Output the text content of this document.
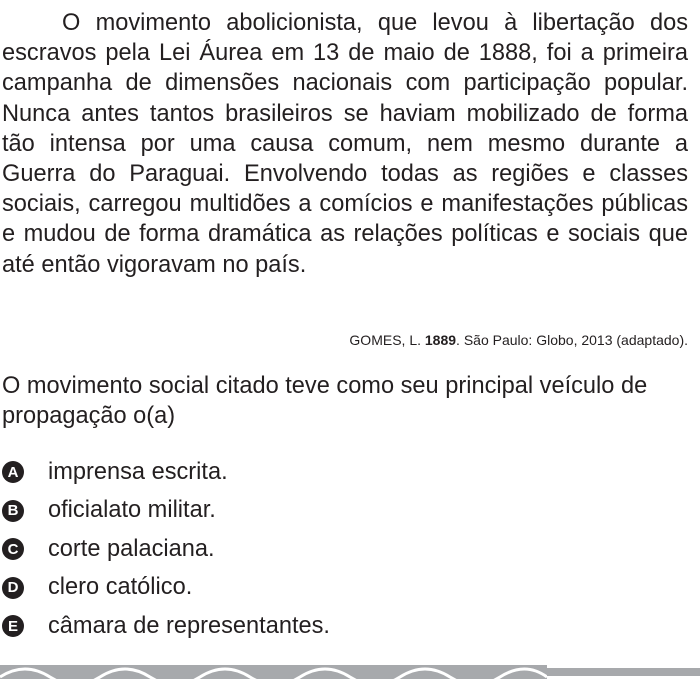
O movimento abolicionista, que levou à libertação dos escravos pela Lei Áurea em 13 de maio de 1888, foi a primeira campanha de dimensões nacionais com participação popular. Nunca antes tantos brasileiros se haviam mobilizado de forma tão intensa por uma causa comum, nem mesmo durante a Guerra do Paraguai. Envolvendo todas as regiões e classes sociais, carregou multidões a comícios e manifestações públicas e mudou de forma dramática as relações políticas e sociais que até então vigoravam no país.

GOMES, L. 1889. São Paulo: Globo, 2013 (adaptado).

O movimento social citado teve como seu principal veículo de propagação o(a)

A imprensa escrita.
B oficialato militar.
C corte palaciana.
D clero católico.
E câmara de representantes.
